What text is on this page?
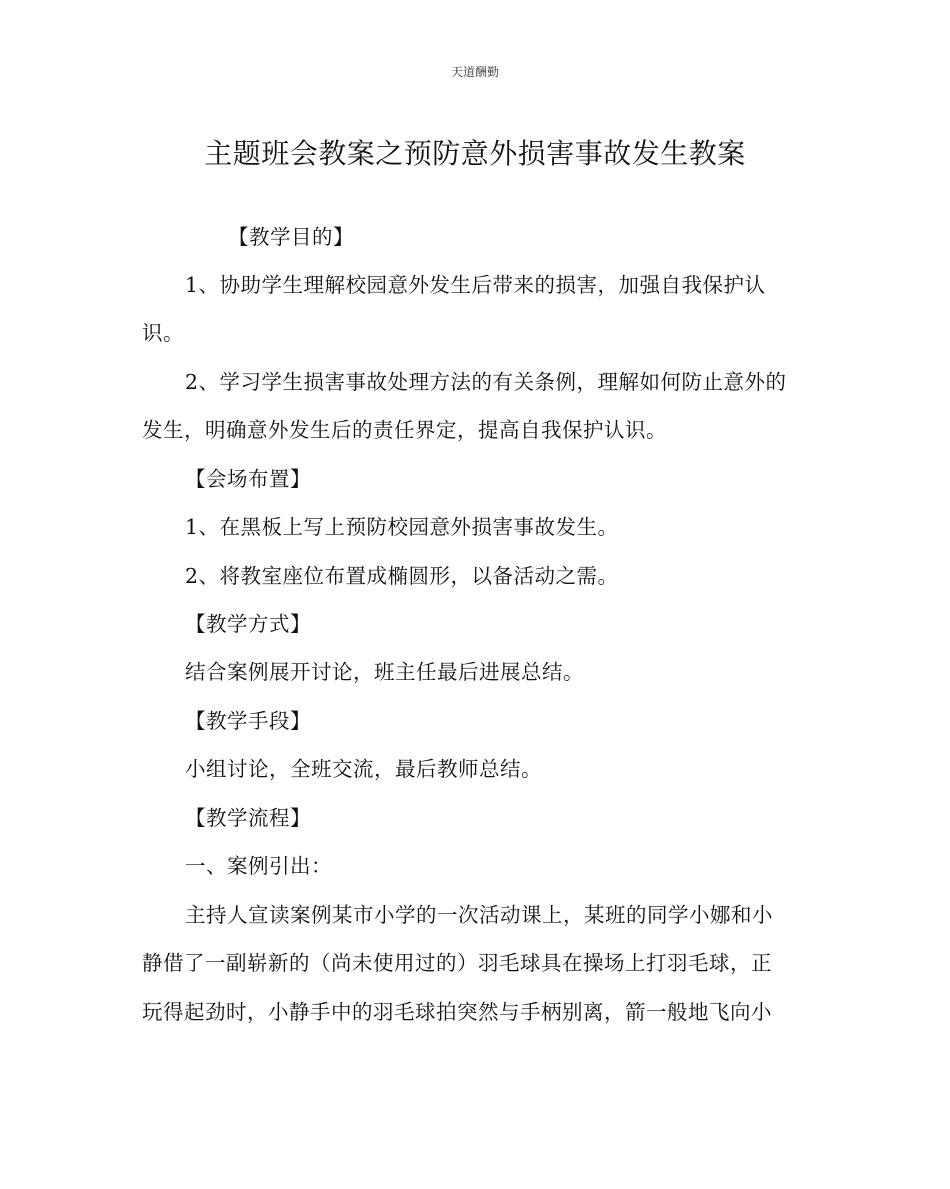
天道酬勤
主题班会教案之预防意外损害事故发生教案
【教学目的】
1、协助学生理解校园意外发生后带来的损害，加强自我保护认
识。
2、学习学生损害事故处理方法的有关条例，理解如何防止意外的
发生，明确意外发生后的责任界定，提高自我保护认识。
【会场布置】
1、在黑板上写上预防校园意外损害事故发生。
2、将教室座位布置成椭圆形，以备活动之需。
【教学方式】
结合案例展开讨论，班主任最后进展总结。
【教学手段】
小组讨论，全班交流，最后教师总结。
【教学流程】
一、案例引出：
主持人宣读案例某市小学的一次活动课上，某班的同学小娜和小
静借了一副崭新的（尚未使用过的）羽毛球具在操场上打羽毛球，正
玩得起劲时，小静手中的羽毛球拍突然与手柄别离，箭一般地飞向小
